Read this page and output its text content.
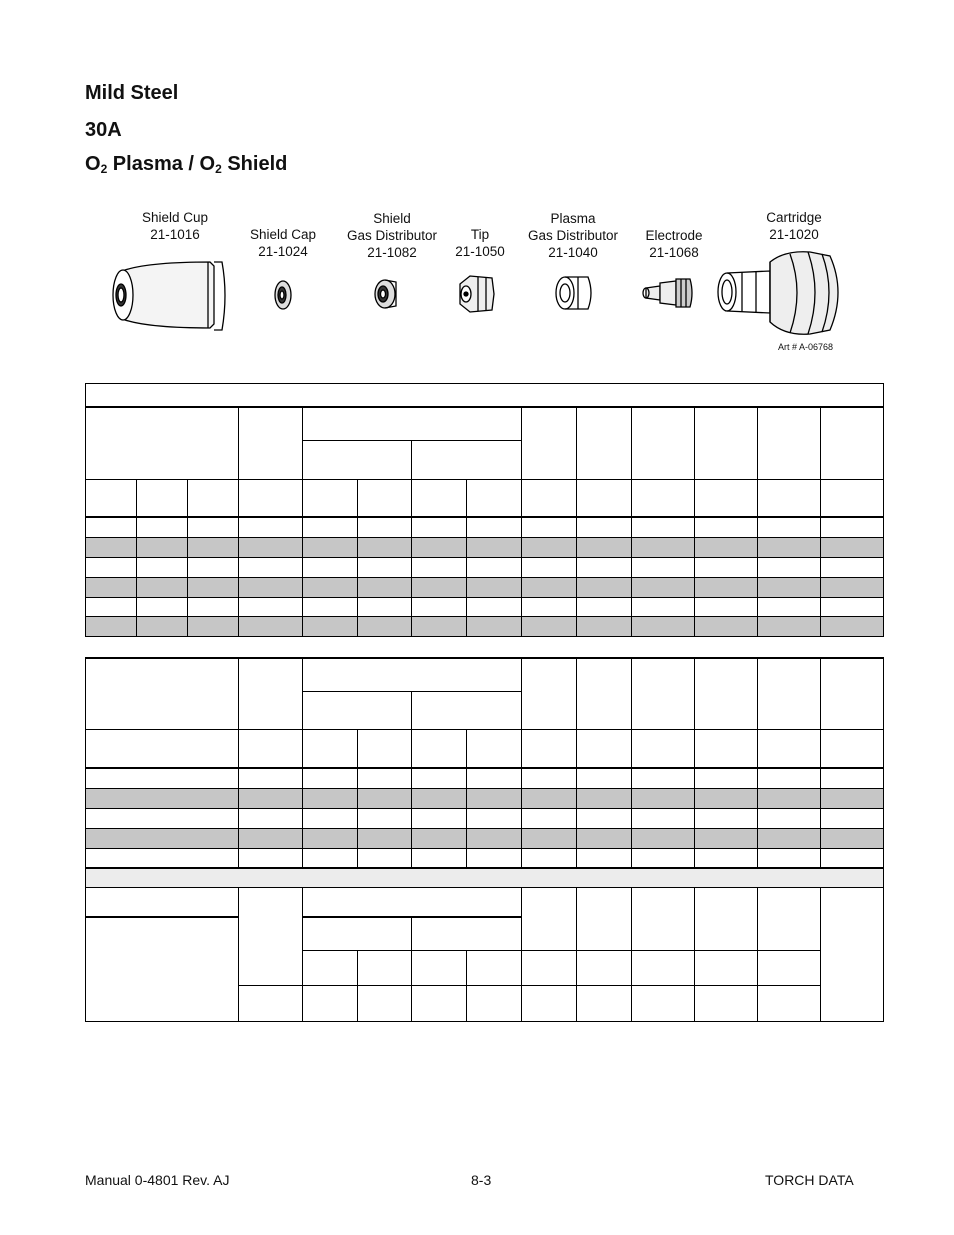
Mild Steel
30A
$O_2$ Plasma / $O_2$ Shield
Shield Cup
21-1016	Shield Cap
21-1024
Shield
Gas Distributor
21-1082
Tip
21-1050
Plasma
Gas Distributor
21-1040
Electrode
21-1068
Cartridge
21-1020
Art # A-06768
Manual 0-4801 Rev. AJ	8-3	TORCH DATA
